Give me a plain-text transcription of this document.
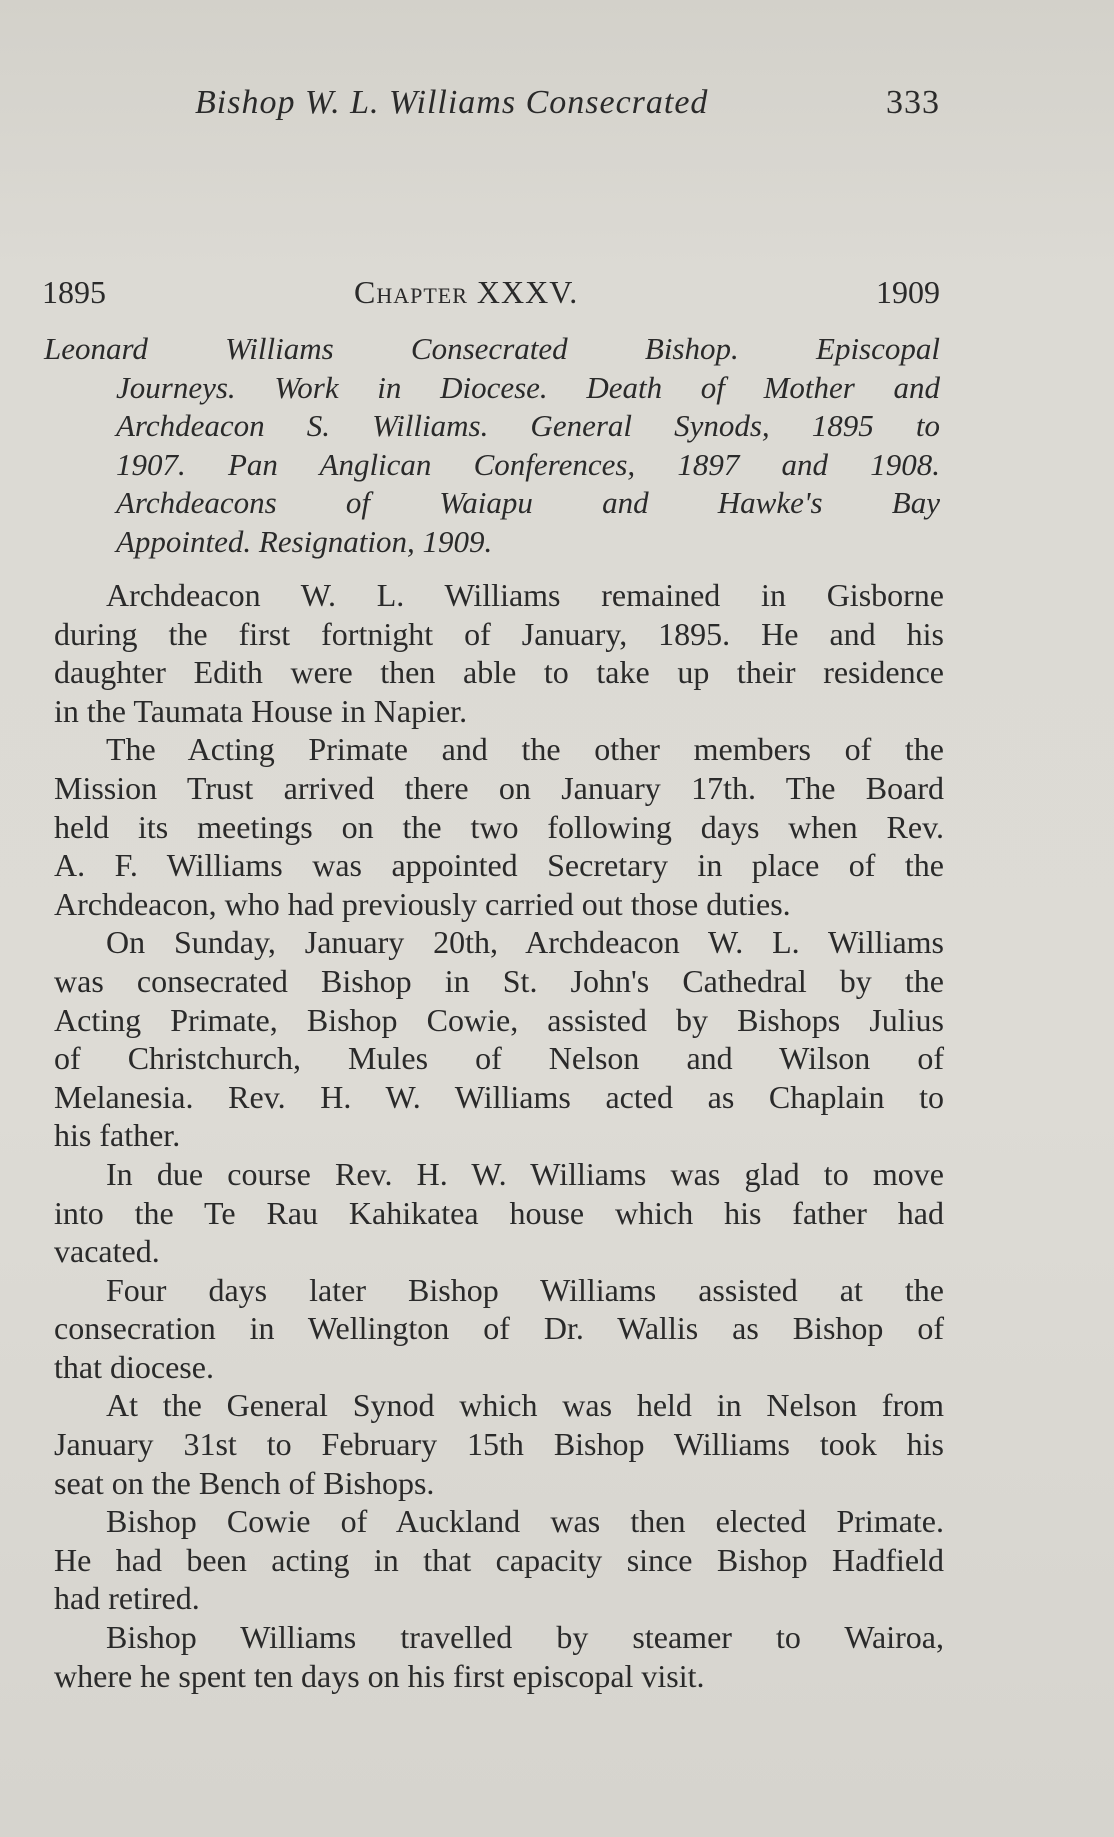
Bishop W. L. Williams Consecrated	333
1895	Chapter XXXV.	1909
Leonard Williams Consecrated Bishop. Episcopal
Journeys. Work in Diocese. Death of Mother and
Archdeacon S. Williams. General Synods, 1895 to
1907. Pan Anglican Conferences, 1897 and 1908.
Archdeacons of Waiapu and Hawke's Bay
Appointed. Resignation, 1909.

Archdeacon W. L. Williams remained in Gisborne
during the first fortnight of January, 1895. He and his
daughter Edith were then able to take up their residence
in the Taumata House in Napier.

The Acting Primate and the other members of the
Mission Trust arrived there on January 17th. The Board
held its meetings on the two following days when Rev.
A. F. Williams was appointed Secretary in place of the
Archdeacon, who had previously carried out those duties.

On Sunday, January 20th, Archdeacon W. L. Williams
was consecrated Bishop in St. John's Cathedral by the
Acting Primate, Bishop Cowie, assisted by Bishops Julius
of Christchurch, Mules of Nelson and Wilson of
Melanesia. Rev. H. W. Williams acted as Chaplain to
his father.

In due course Rev. H. W. Williams was glad to move
into the Te Rau Kahikatea house which his father had
vacated.

Four days later Bishop Williams assisted at the
consecration in Wellington of Dr. Wallis as Bishop of
that diocese.

At the General Synod which was held in Nelson from
January 31st to February 15th Bishop Williams took his
seat on the Bench of Bishops.

Bishop Cowie of Auckland was then elected Primate.
He had been acting in that capacity since Bishop Hadfield
had retired.

Bishop Williams travelled by steamer to Wairoa,
where he spent ten days on his first episcopal visit.
